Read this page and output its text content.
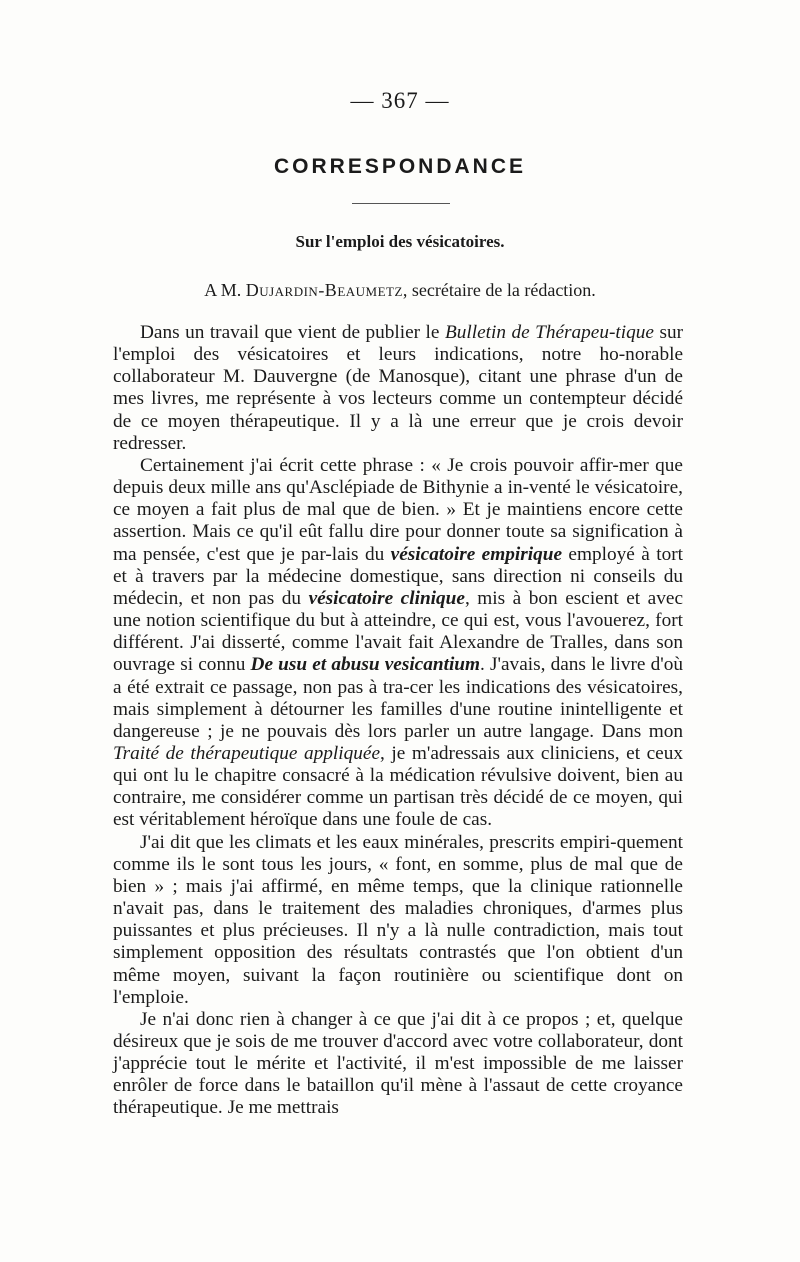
— 367 —
CORRESPONDANCE
Sur l'emploi des vésicatoires.
A M. Dujardin-Beaumetz, secrétaire de la rédaction.

Dans un travail que vient de publier le Bulletin de Thérapeu-tique sur l'emploi des vésicatoires et leurs indications, notre ho-norable collaborateur M. Dauvergne (de Manosque), citant une phrase d'un de mes livres, me représente à vos lecteurs comme un contempteur décidé de ce moyen thérapeutique. Il y a là une erreur que je crois devoir redresser.

Certainement j'ai écrit cette phrase : « Je crois pouvoir affir-mer que depuis deux mille ans qu'Asclépiade de Bithynie a in-venté le vésicatoire, ce moyen a fait plus de mal que de bien. » Et je maintiens encore cette assertion. Mais ce qu'il eût fallu dire pour donner toute sa signification à ma pensée, c'est que je par-lais du vésicatoire empirique employé à tort et à travers par la médecine domestique, sans direction ni conseils du médecin, et non pas du vésicatoire clinique, mis à bon escient et avec une notion scientifique du but à atteindre, ce qui est, vous l'avouerez, fort différent. J'ai disserté, comme l'avait fait Alexandre de Tralles, dans son ouvrage si connu De usu et abusu vesicantium. J'avais, dans le livre d'où a été extrait ce passage, non pas à tra-cer les indications des vésicatoires, mais simplement à détourner les familles d'une routine inintelligente et dangereuse ; je ne pouvais dès lors parler un autre langage. Dans mon Traité de thérapeutique appliquée, je m'adressais aux cliniciens, et ceux qui ont lu le chapitre consacré à la médication révulsive doivent, bien au contraire, me considérer comme un partisan très décidé de ce moyen, qui est véritablement héroïque dans une foule de cas.

J'ai dit que les climats et les eaux minérales, prescrits empiri-quement comme ils le sont tous les jours, « font, en somme, plus de mal que de bien » ; mais j'ai affirmé, en même temps, que la clinique rationnelle n'avait pas, dans le traitement des maladies chroniques, d'armes plus puissantes et plus précieuses. Il n'y a là nulle contradiction, mais tout simplement opposition des résultats contrastés que l'on obtient d'un même moyen, suivant la façon routinière ou scientifique dont on l'emploie.

Je n'ai donc rien à changer à ce que j'ai dit à ce propos ; et, quelque désireux que je sois de me trouver d'accord avec votre collaborateur, dont j'apprécie tout le mérite et l'activité, il m'est impossible de me laisser enrôler de force dans le bataillon qu'il mène à l'assaut de cette croyance thérapeutique. Je me mettrais
